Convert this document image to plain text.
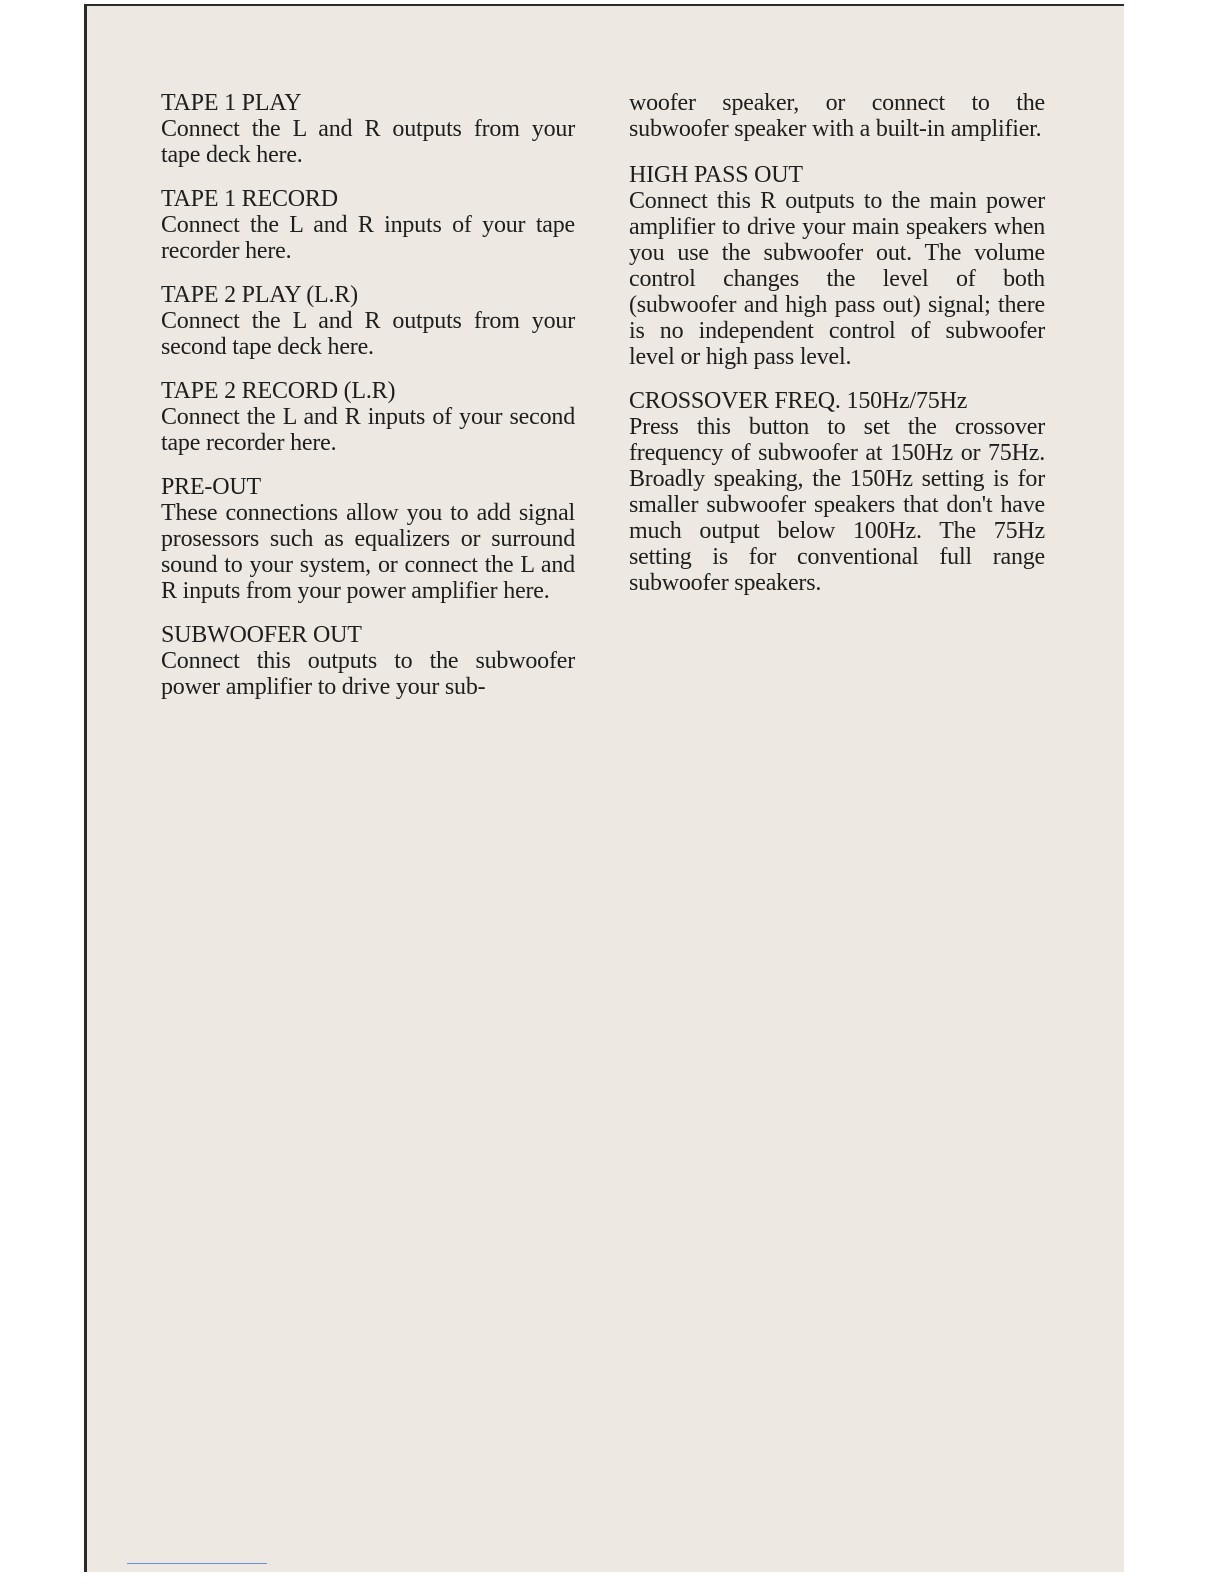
TAPE 1 PLAY

Connect the L and R outputs from your tape deck here.

TAPE 1 RECORD

Connect the L and R inputs of your tape recorder here.

TAPE 2 PLAY (L.R)

Connect the L and R outputs from your second tape deck here.

TAPE 2 RECORD (L.R)

Connect the L and R inputs of your second tape recorder here.

PRE-OUT

These connections allow you to add signal prosessors such as equalizers or surround sound to your system, or connect the L and R inputs from your power amplifier here.

SUBWOOFER OUT

Connect this outputs to the subwoofer power amplifier to drive your sub-

woofer speaker, or connect to the subwoofer speaker with a built-in amplifier.

HIGH PASS OUT

Connect this R outputs to the main power amplifier to drive your main speakers when you use the subwoofer out. The volume control changes the level of both (subwoofer and high pass out) signal; there is no independent control of subwoofer level or high pass level.

CROSSOVER FREQ. 150Hz/75Hz

Press this button to set the crossover frequency of subwoofer at 150Hz or 75Hz. Broadly speaking, the 150Hz setting is for smaller subwoofer speakers that don't have much output below 100Hz. The 75Hz setting is for conventional full range subwoofer speakers.
